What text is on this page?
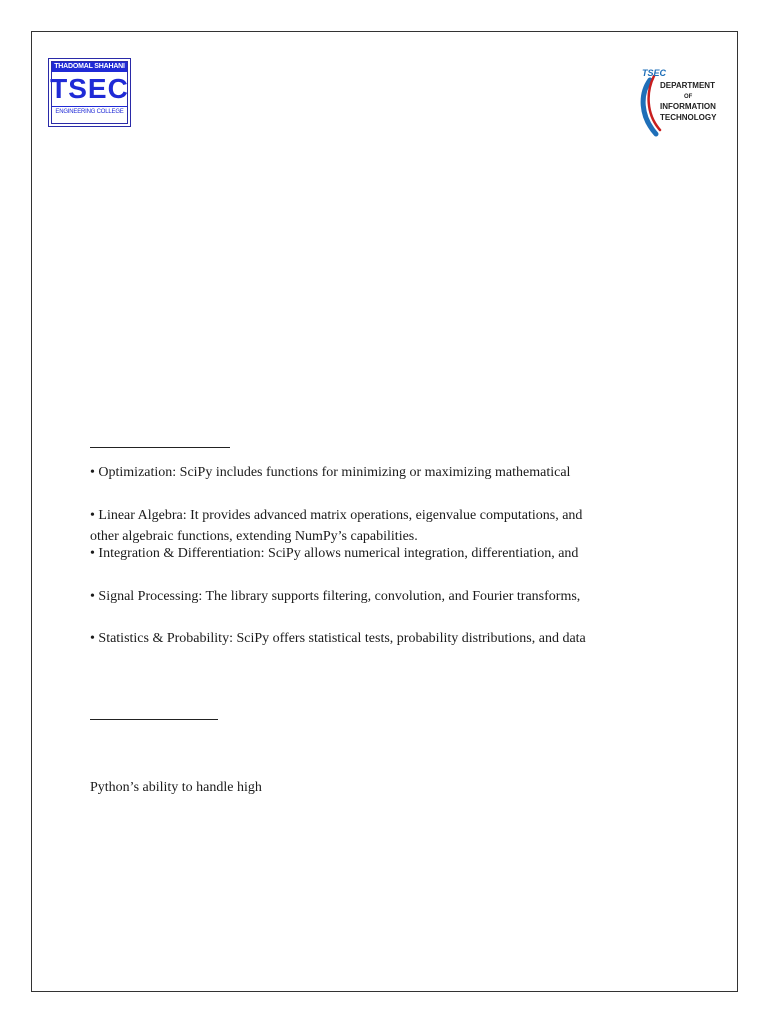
THADOMAL SHAHANI
TSEC
ENGINEERING COLLEGE
TSEC
DEPARTMENT
OF
INFORMATION
TECHNOLOGY
• Optimization: SciPy includes functions for minimizing or maximizing mathematical
• Linear Algebra: It provides advanced matrix operations, eigenvalue computations, and
other algebraic functions, extending NumPy’s capabilities.
• Integration & Differentiation: SciPy allows numerical integration, differentiation, and
• Signal Processing: The library supports filtering, convolution, and Fourier transforms,
• Statistics & Probability: SciPy offers statistical tests, probability distributions, and data
Python’s ability to handle high
